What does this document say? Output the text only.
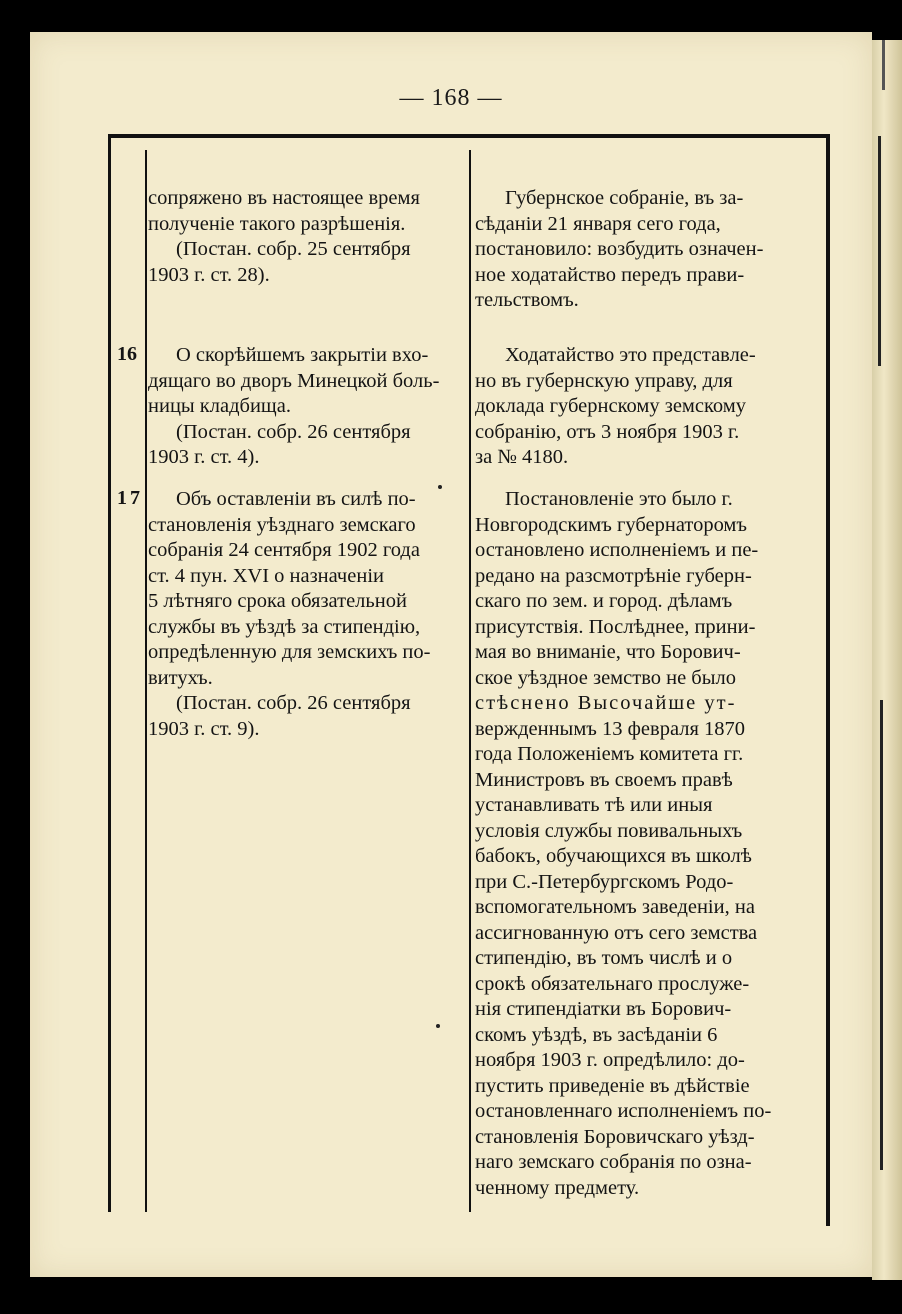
— 168 —

сопряжено въ настоящее время
полученіе такого разрѣшенія.
(Постан. собр. 25 сентября
1903 г. ст. 28).

Губернское собраніе, въ за-
сѣданіи 21 января сего года,
постановило: возбудить означен-
ное ходатайство передъ прави-
тельствомъ.

16	О скорѣйшемъ закрытіи вхо-
дящаго во дворъ Минецкой боль-
ницы кладбища.
(Постан. собр. 26 сентября
1903 г. ст. 4).

Ходатайство это представле-
но въ губернскую управу, для
доклада губернскому земскому
собранію, отъ 3 ноября 1903 г.
за № 4180.

17	Объ оставленіи въ силѣ по-
становленія уѣзднаго земскаго
собранія 24 сентября 1902 года
ст. 4 пун. XVI о назначеніи
5 лѣтняго срока обязательной
службы въ уѣздѣ за стипендію,
опредѣленную для земскихъ по-
витухъ.
(Постан. собр. 26 сентября
1903 г. ст. 9).

Постановленіе это было г.
Новгородскимъ губернаторомъ
остановлено исполненіемъ и пе-
редано на разсмотрѣніе губерн-
скаго по зем. и город. дѣламъ
присутствія. Послѣднее, прини-
мая во вниманіе, что Борович-
ское уѣздное земство не было
стѣснено Высочайше ут-
вержденнымъ 13 февраля 1870
года Положеніемъ комитета гг.
Министровъ въ своемъ правѣ
устанавливать тѣ или иныя
условія службы повивальныхъ
бабокъ, обучающихся въ школѣ
при С.-Петербургскомъ Родо-
вспомогательномъ заведеніи, на
ассигнованную отъ сего земства
стипендію, въ томъ числѣ и о
срокѣ обязательнаго прослуже-
нія стипендіатки въ Борович-
скомъ уѣздѣ, въ засѣданіи 6
ноября 1903 г. опредѣлило: до-
пустить приведеніе въ дѣйствіе
остановленнаго исполненіемъ по-
становленія Боровичскаго уѣзд-
наго земскаго собранія по озна-
ченному предмету.
